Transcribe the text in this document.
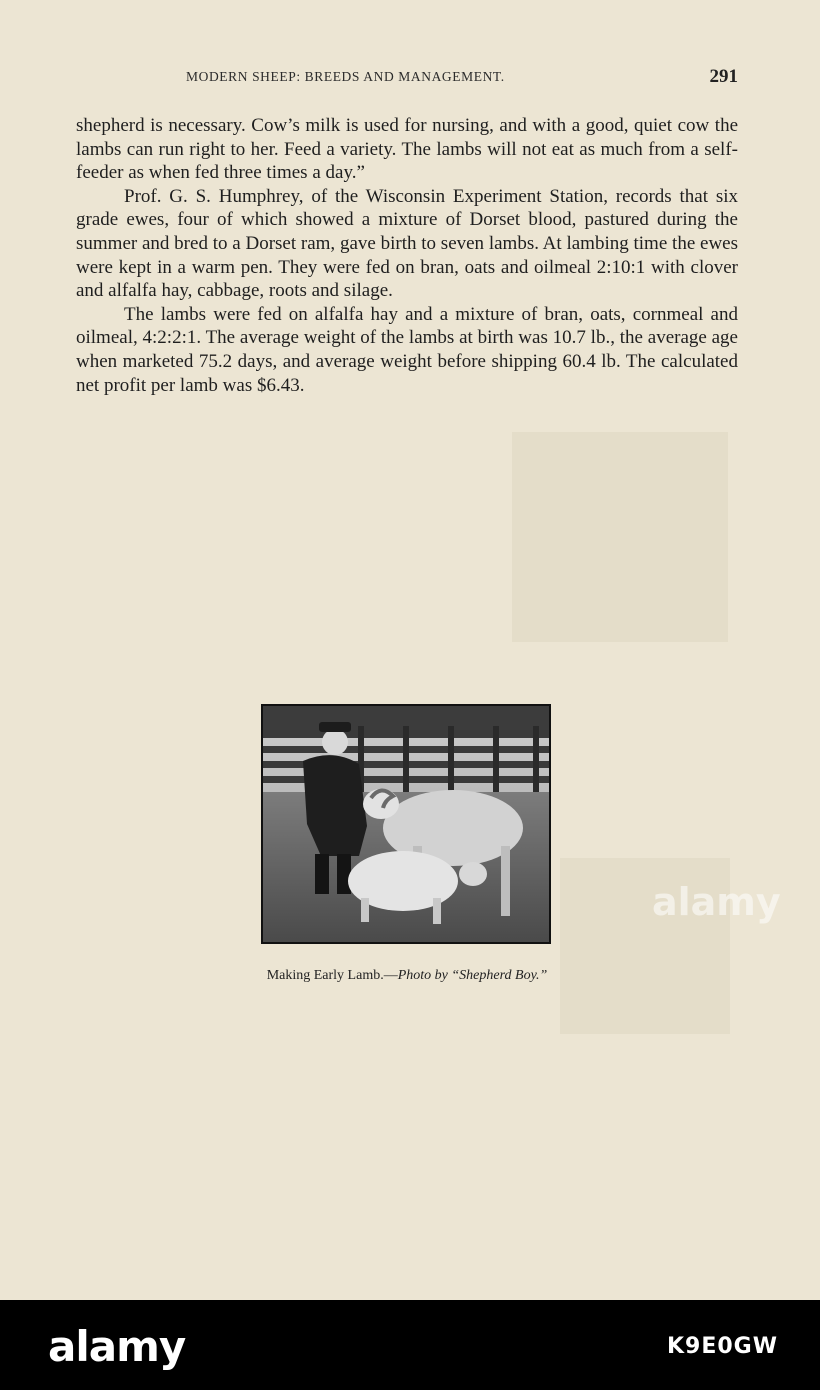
MODERN SHEEP: BREEDS AND MANAGEMENT.	291

shepherd is necessary. Cow’s milk is used for nursing, and with a good, quiet cow the lambs can run right to her. Feed a variety. The lambs will not eat as much from a self-feeder as when fed three times a day.”

Prof. G. S. Humphrey, of the Wisconsin Experiment Station, records that six grade ewes, four of which showed a mixture of Dorset blood, pastured during the summer and bred to a Dorset ram, gave birth to seven lambs. At lambing time the ewes were kept in a warm pen. They were fed on bran, oats and oilmeal 2:10:1 with clover and alfalfa hay, cabbage, roots and silage.

The lambs were fed on alfalfa hay and a mixture of bran, oats, cornmeal and oilmeal, 4:2:2:1. The average weight of the lambs at birth was 10.7 lb., the average age when marketed 75.2 days, and average weight before shipping 60.4 lb. The calculated net profit per lamb was $6.43.

Making Early Lamb.—Photo by “Shepherd Boy.”
alamy
alamy	K9E0GW
